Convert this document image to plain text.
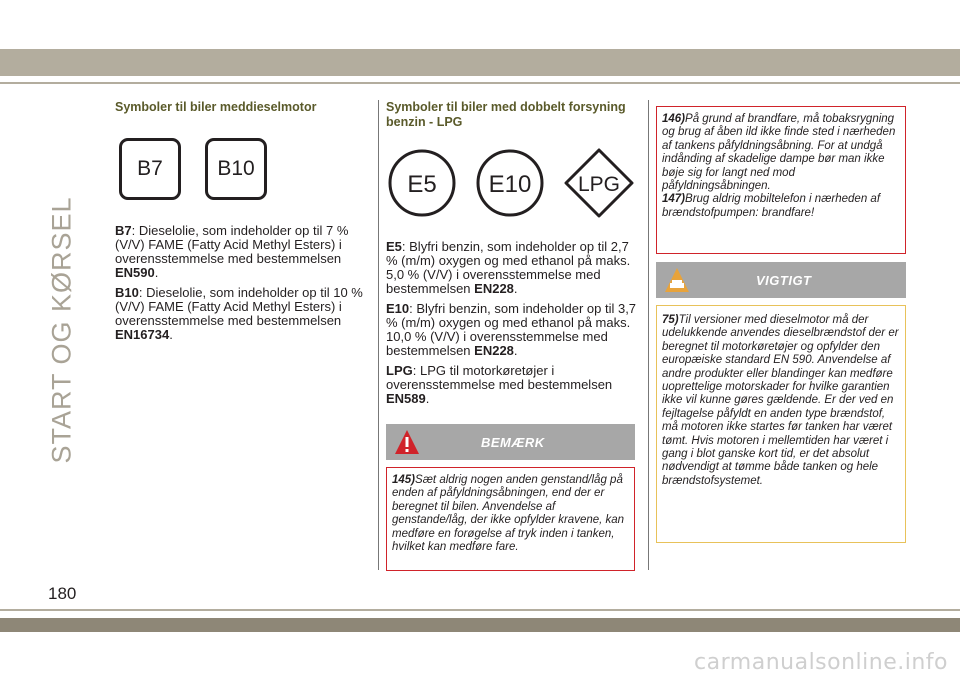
START OG KØRSEL
Symboler til biler meddieselmotor
B7	B10

B7: Dieselolie, som indeholder op til 7 % (V/V) FAME (Fatty Acid Methyl Esters) i overensstemmelse med bestemmelsen EN590.

B10: Dieselolie, som indeholder op til 10 % (V/V) FAME (Fatty Acid Methyl Esters) i overensstemmelse med bestemmelsen EN16734.

Symboler til biler med dobbelt forsyning
benzin - LPG
E5 E10 LPG

E5: Blyfri benzin, som indeholder op til 2,7 % (m/m) oxygen og med ethanol på maks. 5,0 % (V/V) i overensstemmelse med bestemmelsen EN228.

E10: Blyfri benzin, som indeholder op til 3,7 % (m/m) oxygen og med ethanol på maks. 10,0 % (V/V) i overensstemmelse med bestemmelsen EN228.

LPG: LPG til motorkøretøjer i overensstemmelse med bestemmelsen EN589.

BEMÆRK

145)Sæt aldrig nogen anden genstand/låg på enden af påfyldningsåbningen, end der er beregnet til bilen. Anvendelse af genstande/låg, der ikke opfylder kravene, kan medføre en forøgelse af tryk inden i tanken, hvilket kan medføre fare.

146)På grund af brandfare, må tobaksrygning og brug af åben ild ikke finde sted i nærheden af tankens påfyldningsåbning. For at undgå indånding af skadelige dampe bør man ikke bøje sig for langt ned mod påfyldningsåbningen.

147)Brug aldrig mobiltelefon i nærheden af brændstofpumpen: brandfare!

VIGTIGT

75)Til versioner med dieselmotor må der udelukkende anvendes dieselbrændstof der er beregnet til motorkøretøjer og opfylder den europæiske standard EN 590. Anvendelse af andre produkter eller blandinger kan medføre uoprettelige motorskader for hvilke garantien ikke vil kunne gøres gældende. Er der ved en fejltagelse påfyldt en anden type brændstof, må motoren ikke startes før tanken har været tømt. Hvis motoren i mellemtiden har været i gang i blot ganske kort tid, er det absolut nødvendigt at tømme både tanken og hele brændstofsystemet.

180
carmanualsonline.info
